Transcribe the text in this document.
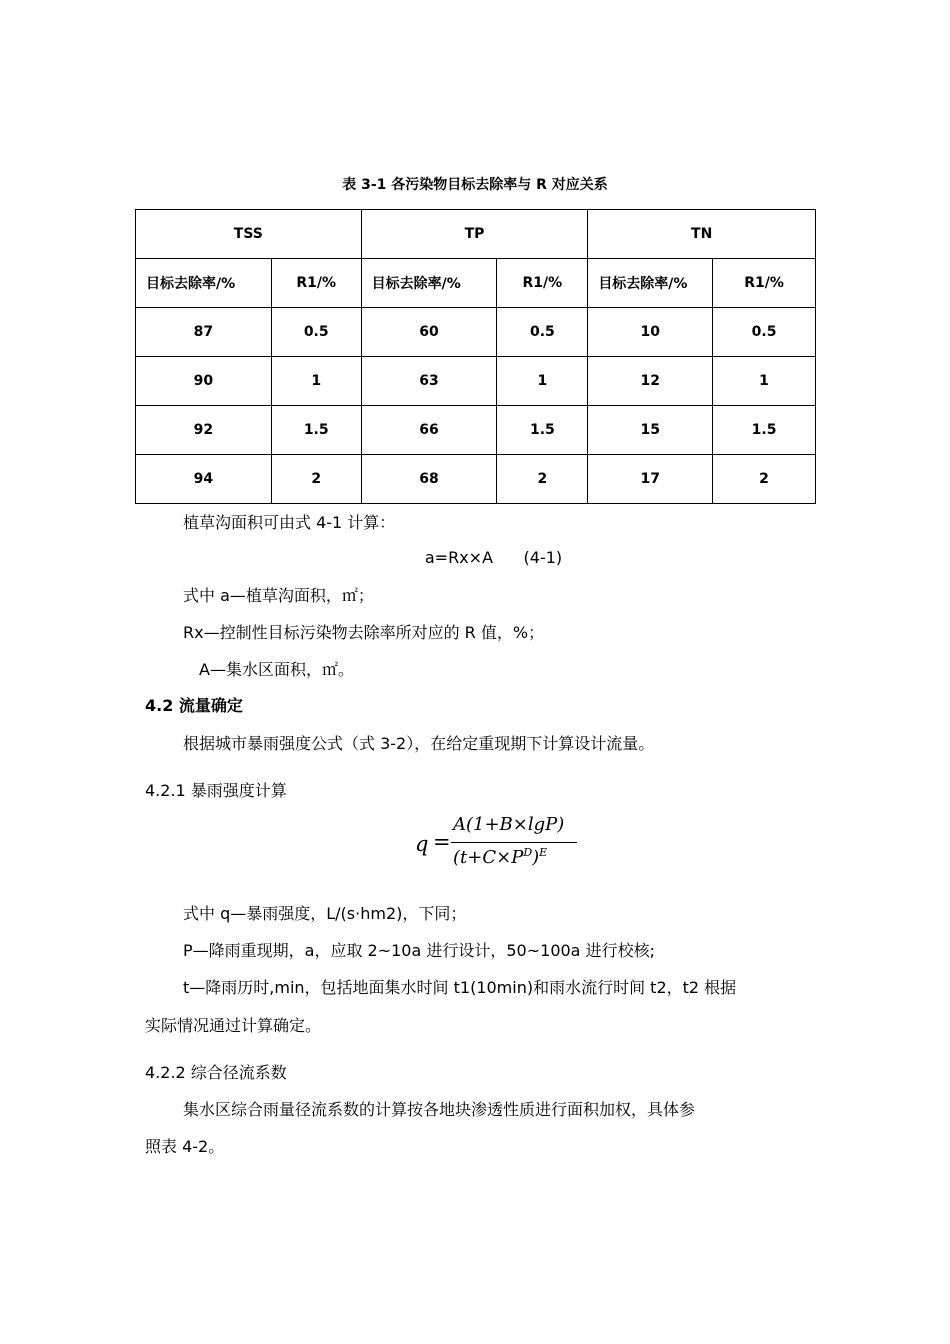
表 3-1 各污染物目标去除率与 R 对应关系
TSS		TP		TN	
目标去除率/%	R1/%	目标去除率/%	R1/%	目标去除率/%	R1/%
87	0.5	60	0.5	10	0.5
90	1	63	1	12	1
92	1.5	66	1.5	15	1.5
94	2	68	2	17	2
植草沟面积可由式 4-1 计算：
a=Rx×A      (4-1)
式中 a—植草沟面积，㎡；
Rx—控制性目标污染物去除率所对应的 R 值，%；
A—集水区面积，㎡。
4.2 流量确定
根据城市暴雨强度公式（式 3-2），在给定重现期下计算设计流量。
4.2.1 暴雨强度计算
q =
A(1+B×lgP)
$(t+C\times P^D)^E$
式中 q—暴雨强度，L/(s·hm2)，下同；
P—降雨重现期，a，应取 2~10a 进行设计，50~100a 进行校核;
t—降雨历时,min，包括地面集水时间 t1(10min)和雨水流行时间 t2，t2 根据
实际情况通过计算确定。
4.2.2 综合径流系数
集水区综合雨量径流系数的计算按各地块渗透性质进行面积加权，具体参
照表 4-2。
